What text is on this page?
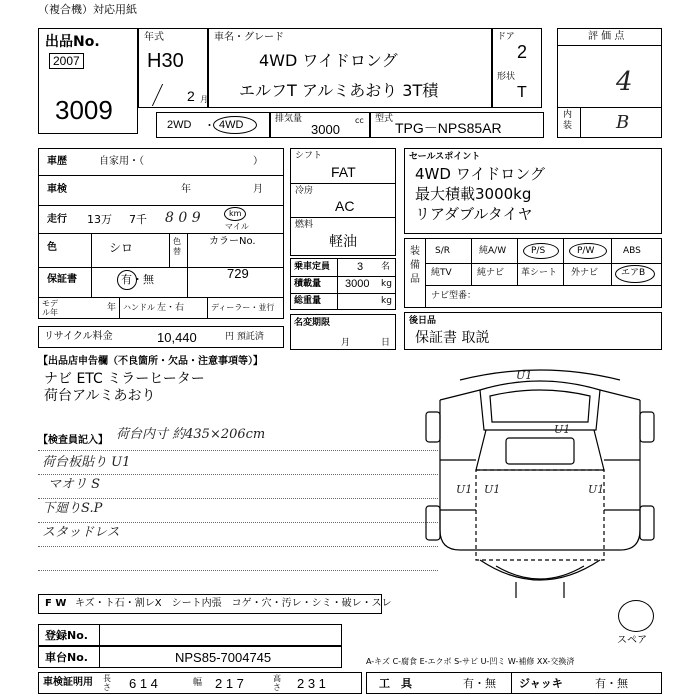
（複合機）対応用紙
出品No.
2007
3009
年式
H30
2 月
車名・グレード
4WD ワイドロング
エルフT アルミあおり 3T積
ドア
2
形状
T
評 価 点
4
内装 B
2WD ・ 4WD	排気量
3000
cc 型式
TPG－NPS85AR
車歴	自家用・（	）
車検	年	月
走行 13万 7千 8 0 9	km
マイル
色	シロ	色替
カラーNo.
729
保証書	有・無
モデル年	年 ハンドル 左・右	ディーラー・並行
リサイクル料金	10,440	円 預託済
シフト
FAT
冷房
AC
燃料
軽油
乗車定員 3 名
積載量 3000 kg
総重量	kg
名変期限
月	日
セールスポイント
4WD ワイドロング
最大積載3000kg
リアダブルタイヤ
装備品
S/R	純A/W	P/S	P/W	ABS
純TV	純ナビ 革シート 外ナビ	エアB
ナビ型番：
後日品
保証書 取説
【出品店申告欄（不良箇所・欠品・注意事項等）】
ナビ ETC ミラーヒーター
荷台アルミあおり
【検査員記入】 荷台内寸 約435×206cm
荷台板貼り U1
マオリ S
下廻りS.P
スタッドレス
U1
U1	U1
U1
U1
スペア
F W キズ・ト石・割レX　シート内張　コゲ・穴・汚レ・シミ・破レ・スレ
登録No.
車台No.	NPS85-7004745	A-キズ C-腐食 E-エクボ S-サビ U-凹ミ W-補修 XX-交換済
車検証明用 長さ 6 1 4	幅 2 1 7	高さ 2 3 1	工　具	有・無 ジャッキ	有・無
